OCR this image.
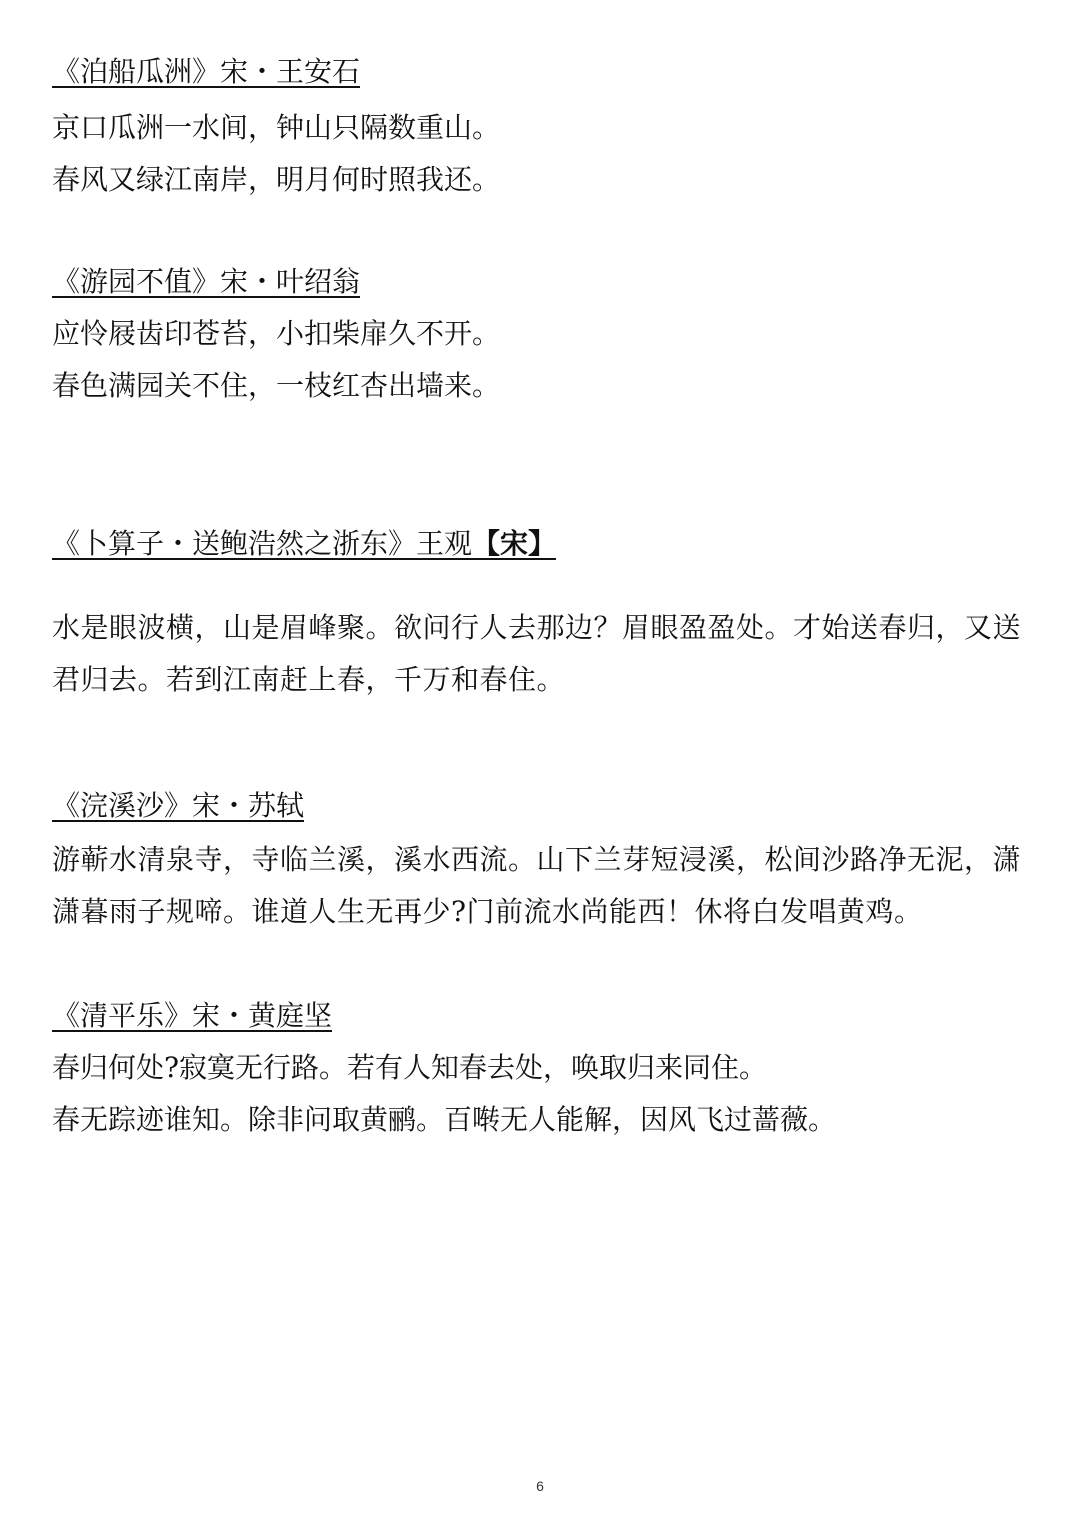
《泊船瓜洲》宋・王安石

京口瓜洲一水间，钟山只隔数重山。

春风又绿江南岸，明月何时照我还。

《游园不值》宋・叶绍翁

应怜屐齿印苍苔，小扣柴扉久不开。

春色满园关不住，一枝红杏出墙来。

《卜算子・送鲍浩然之浙东》王观【宋】

水是眼波横，山是眉峰聚。欲问行人去那边？眉眼盈盈处。才始送春归，又送君归去。若到江南赶上春，千万和春住。

《浣溪沙》宋・苏轼

游蕲水清泉寺，寺临兰溪，溪水西流。山下兰芽短浸溪，松间沙路净无泥，潇潇暮雨子规啼。谁道人生无再少?门前流水尚能西！休将白发唱黄鸡。

《清平乐》宋・黄庭坚

春归何处?寂寞无行路。若有人知春去处，唤取归来同住。

春无踪迹谁知。除非问取黄鹂。百啭无人能解，因风飞过蔷薇。

6
